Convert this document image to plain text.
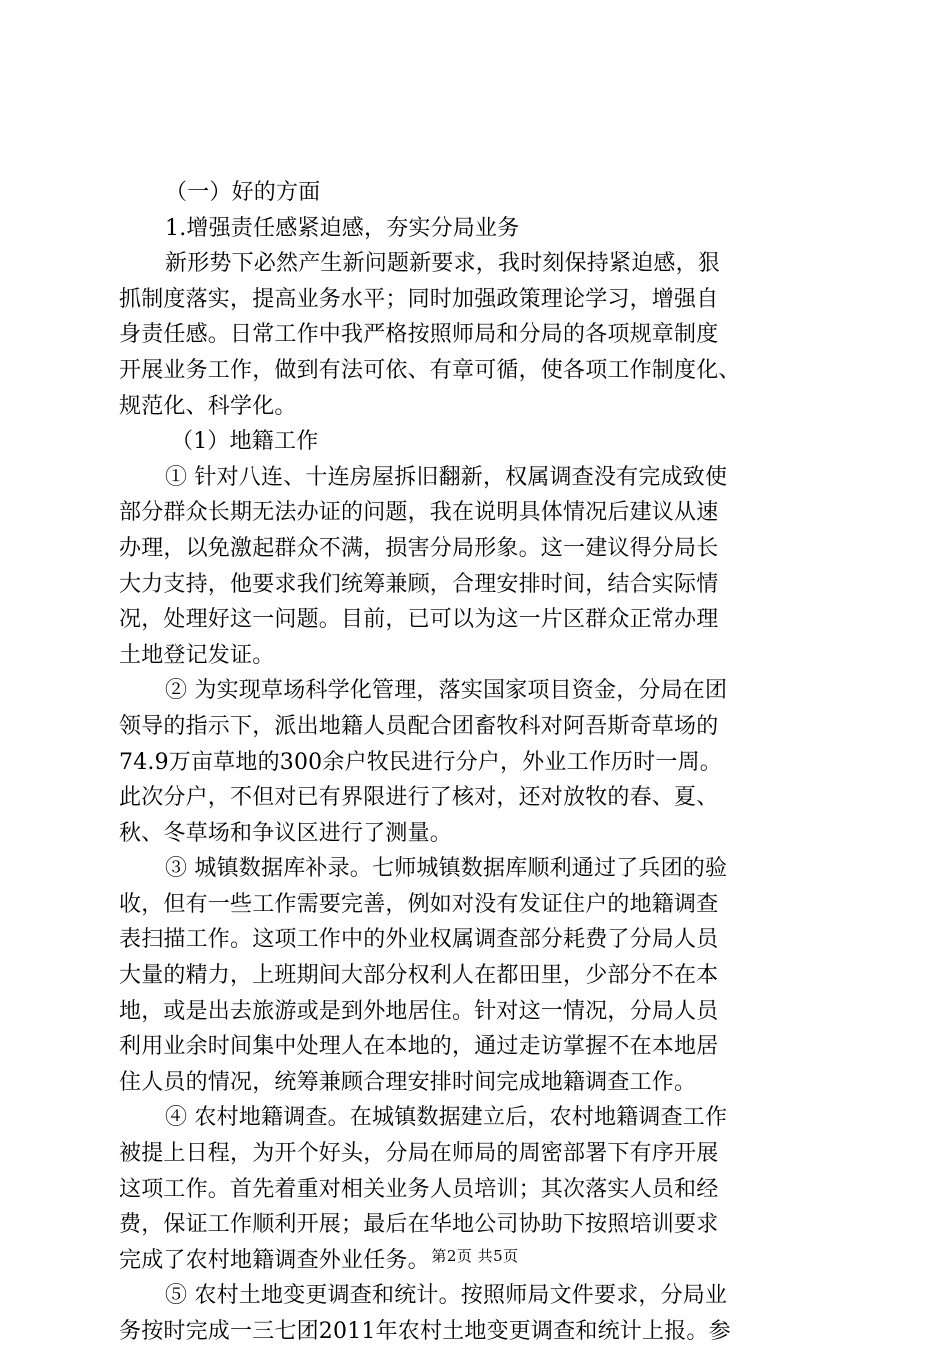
（一）好的方面
1.增强责任感紧迫感，夯实分局业务
新形势下必然产生新问题新要求，我时刻保持紧迫感，狠
抓制度落实，提高业务水平；同时加强政策理论学习，增强自
身责任感。日常工作中我严格按照师局和分局的各项规章制度
开展业务工作，做到有法可依、有章可循，使各项工作制度化、
规范化、科学化。
（1）地籍工作
① 针对八连、十连房屋拆旧翻新，权属调查没有完成致使
部分群众长期无法办证的问题，我在说明具体情况后建议从速
办理，以免激起群众不满，损害分局形象。这一建议得分局长
大力支持，他要求我们统筹兼顾，合理安排时间，结合实际情
况，处理好这一问题。目前，已可以为这一片区群众正常办理
土地登记发证。
② 为实现草场科学化管理，落实国家项目资金，分局在团
领导的指示下，派出地籍人员配合团畜牧科对阿吾斯奇草场的
74.9万亩草地的300余户牧民进行分户，外业工作历时一周。
此次分户，不但对已有界限进行了核对，还对放牧的春、夏、
秋、冬草场和争议区进行了测量。
③ 城镇数据库补录。七师城镇数据库顺利通过了兵团的验
收，但有一些工作需要完善，例如对没有发证住户的地籍调查
表扫描工作。这项工作中的外业权属调查部分耗费了分局人员
大量的精力，上班期间大部分权利人在都田里，少部分不在本
地，或是出去旅游或是到外地居住。针对这一情况，分局人员
利用业余时间集中处理人在本地的，通过走访掌握不在本地居
住人员的情况，统筹兼顾合理安排时间完成地籍调查工作。
④ 农村地籍调查。在城镇数据建立后，农村地籍调查工作
被提上日程，为开个好头，分局在师局的周密部署下有序开展
这项工作。首先着重对相关业务人员培训；其次落实人员和经
费，保证工作顺利开展；最后在华地公司协助下按照培训要求
完成了农村地籍调查外业任务。
⑤ 农村土地变更调查和统计。按照师局文件要求，分局业
务按时完成一三七团2011年农村土地变更调查和统计上报。参
第2页 共5页
